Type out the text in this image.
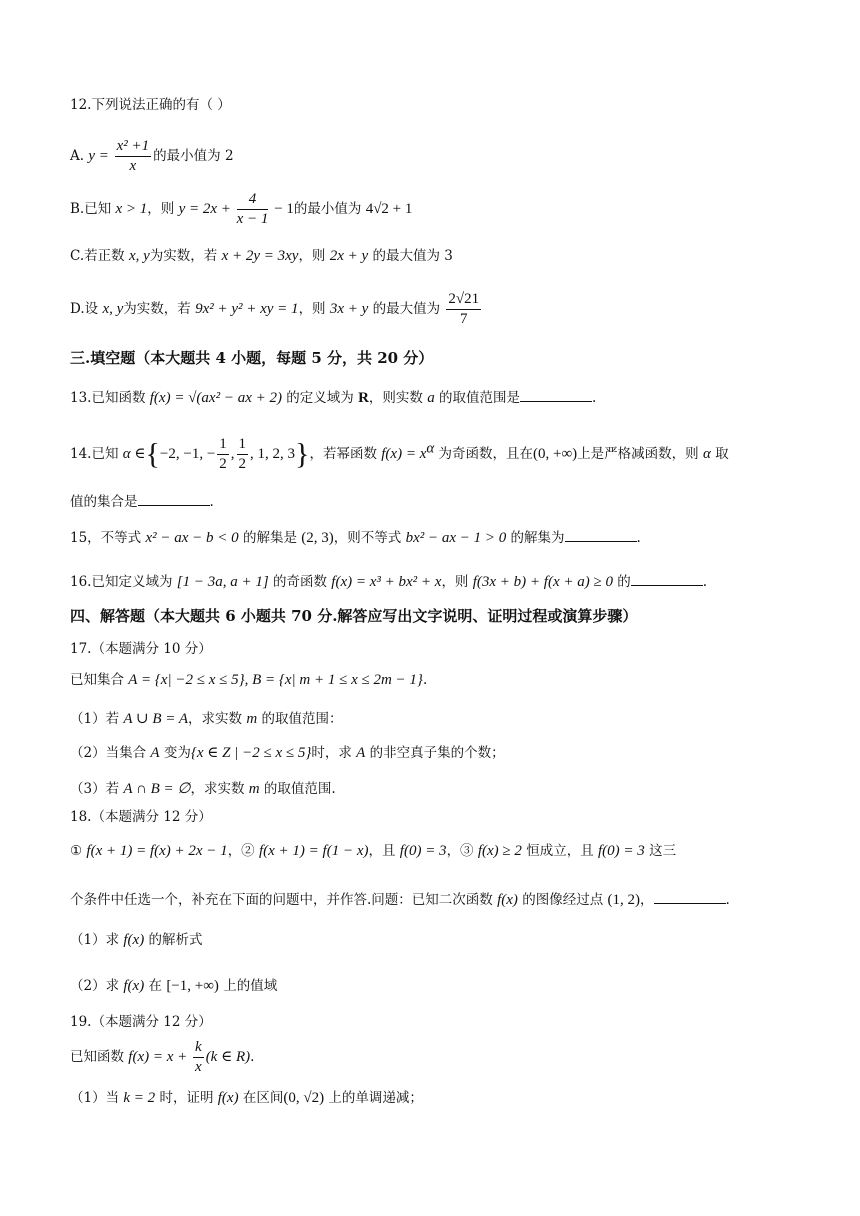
12.下列说法正确的有（ ）
A. $y = \frac{\text{x² +1}}{x}$ 的最小值为 2
B.已知 x > 1，则 $y = 2x + \frac{4}{x - 1} - 1$的最小值为 4√2 + 1
C.若正数 x, y为实数，若 x + 2y = 3xy，则 2x + y 的最大值为 3
D.设 x, y为实数，若 9x² + y² + xy = 1，则 3x + y 的最大值为 $\frac{2√21}{7}$
三.填空题（本大题共 4 小题，每题 5 分，共 20 分）
13.已知函数 f(x) = √(ax² − ax + 2) 的定义域为 R，则实数 a 的取值范围是	.
14.已知 α ∈{−2, −1, − $\frac{1}{2}$ , $\frac{1}{2}$ , 1, 2, 3}，若幂函数 $f(x) = x^\alpha$ 为奇函数，且在(0, +∞)上是严格减函数，则 α 取
值的集合是	.
15，不等式 x² − ax − b < 0 的解集是 (2, 3)，则不等式 bx² − ax − 1 > 0 的解集为	.
16.已知定义域为 [1 − 3a, a + 1] 的奇函数 f(x) = x³ + bx² + x，则 f(3x + b) + f(x + a) ≥ 0 的	.
四、解答题（本大题共 6 小题共 70 分.解答应写出文字说明、证明过程或演算步骤）
17.（本题满分 10 分）
已知集合 A = {x| −2 ≤ x ≤ 5}, B = {x| m + 1 ≤ x ≤ 2m − 1}.
（1）若 A ∪ B = A，求实数 m 的取值范围：
（2）当集合 A 变为{x ∈ Z | −2 ≤ x ≤ 5}时，求 A 的非空真子集的个数；
（3）若 A ∩ B = ∅，求实数 m 的取值范围.
18.（本题满分 12 分）
① f(x + 1) = f(x) + 2x − 1，② f(x + 1) = f(1 − x)，且 f(0) = 3，③ f(x) ≥ 2 恒成立，且 f(0) = 3 这三
个条件中任选一个，补充在下面的问题中，并作答.问题：已知二次函数 f(x) 的图像经过点 (1, 2)，	.
（1）求 f(x) 的解析式
（2）求 f(x) 在 [−1, +∞) 上的值域
19.（本题满分 12 分）
已知函数 $f(x) = x + \frac{k}{x} (k$ ∈ R).
（1）当 k = 2 时，证明 f(x) 在区间(0, √2) 上的单调递减；
